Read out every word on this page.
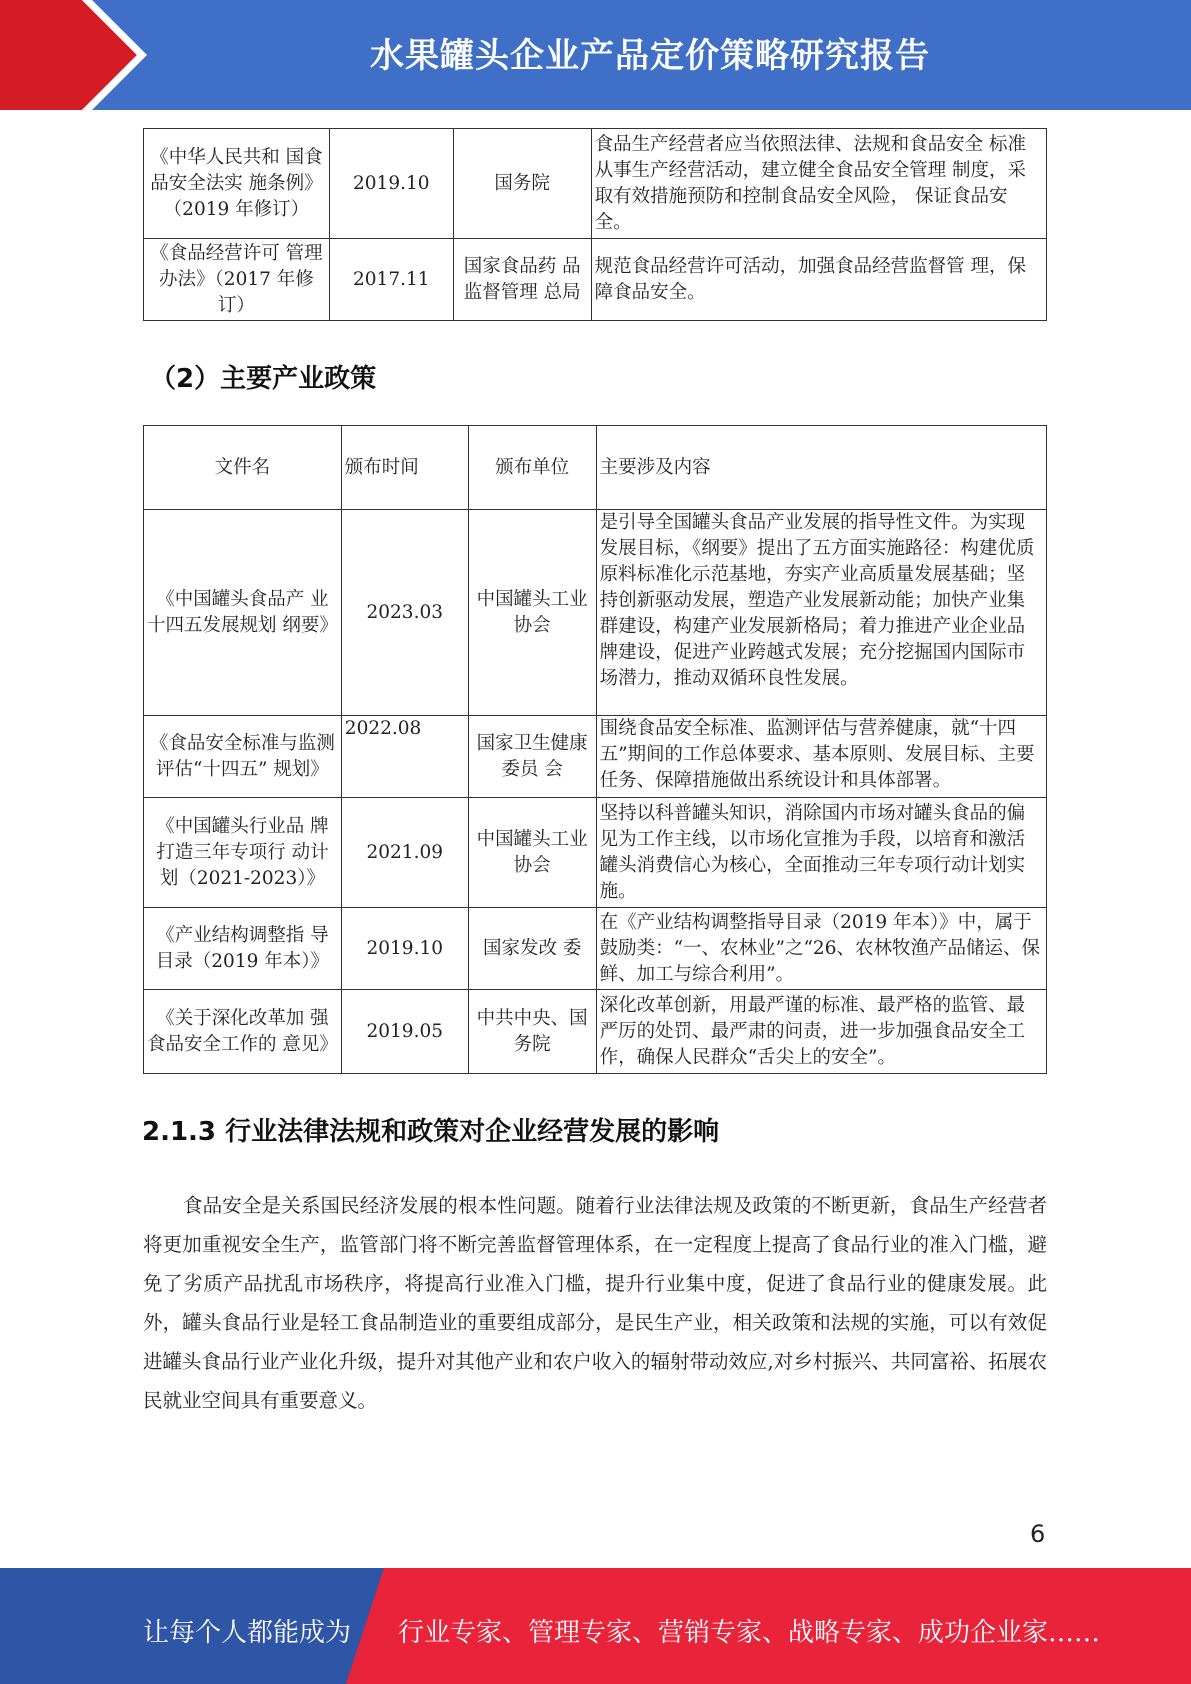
水果罐头企业产品定价策略研究报告
《中华人民共和 国食品安全法实 施条例》（2019 年修订）	2019.10	国务院	食品生产经营者应当依照法律、法规和食品安全 标准从事生产经营活动，建立健全食品安全管理 制度，采取有效措施预防和控制食品安全风险， 保证食品安全。
《食品经营许可 管理办法》（2017 年修订）	2017.11	国家食品药 品监督管理 总局	规范食品经营许可活动，加强食品经营监督管 理，保障食品安全。
（2）主要产业政策
文件名	颁布时间	颁布单位	主要涉及内容
《中国罐头食品产 业十四五发展规划 纲要》	2023.03	中国罐头工业协会	是引导全国罐头食品产业发展的指导性文件。为实现发展目标，《纲要》提出了五方面实施路径：构建优质原料标准化示范基地，夯实产业高质量发展基础；坚持创新驱动发展，塑造产业发展新动能；加快产业集群建设，构建产业发展新格局；着力推进产业企业品牌建设，促进产业跨越式发展；充分挖掘国内国际市场潜力，推动双循环良性发展。

《食品安全标准与监测评估“十四五” 规划》	2022.08	国家卫生健康委员 会	围绕食品安全标准、监测评估与营养健康，就“十四五”期间的工作总体要求、基本原则、发展目标、主要任务、保障措施做出系统设计和具体部署。

《中国罐头行业品 牌打造三年专项行 动计划（2021-2023）》	2021.09	中国罐头工业协会	坚持以科普罐头知识，消除国内市场对罐头食品的偏见为工作主线，以市场化宣推为手段，以培育和激活罐头消费信心为核心，全面推动三年专项行动计划实施。
《产业结构调整指 导目录（2019 年本）》	2019.10	国家发改 委	在《产业结构调整指导目录（2019 年本）》中，属于鼓励类：“一、农林业”之“26、农林牧渔产品储运、保鲜、加工与综合利用”。
《关于深化改革加 强食品安全工作的 意见》	2019.05	中共中央、国务院	深化改革创新，用最严谨的标准、最严格的监管、最严厉的处罚、最严肃的问责，进一步加强食品安全工作，确保人民群众“舌尖上的安全”。
2.1.3 行业法律法规和政策对企业经营发展的影响
食品安全是关系国民经济发展的根本性问题。随着行业法律法规及政策的不断更新，食品生产经营者将更加重视安全生产，监管部门将不断完善监督管理体系，在一定程度上提高了食品行业的准入门槛，避免了劣质产品扰乱市场秩序，将提高行业准入门槛，提升行业集中度，促进了食品行业的健康发展。此外，罐头食品行业是轻工食品制造业的重要组成部分，是民生产业，相关政策和法规的实施，可以有效促进罐头食品行业产业化升级，提升对其他产业和农户收入的辐射带动效应,对乡村振兴、共同富裕、拓展农民就业空间具有重要意义。
6
让每个人都能成为 行业专家、管理专家、营销专家、战略专家、成功企业家……
